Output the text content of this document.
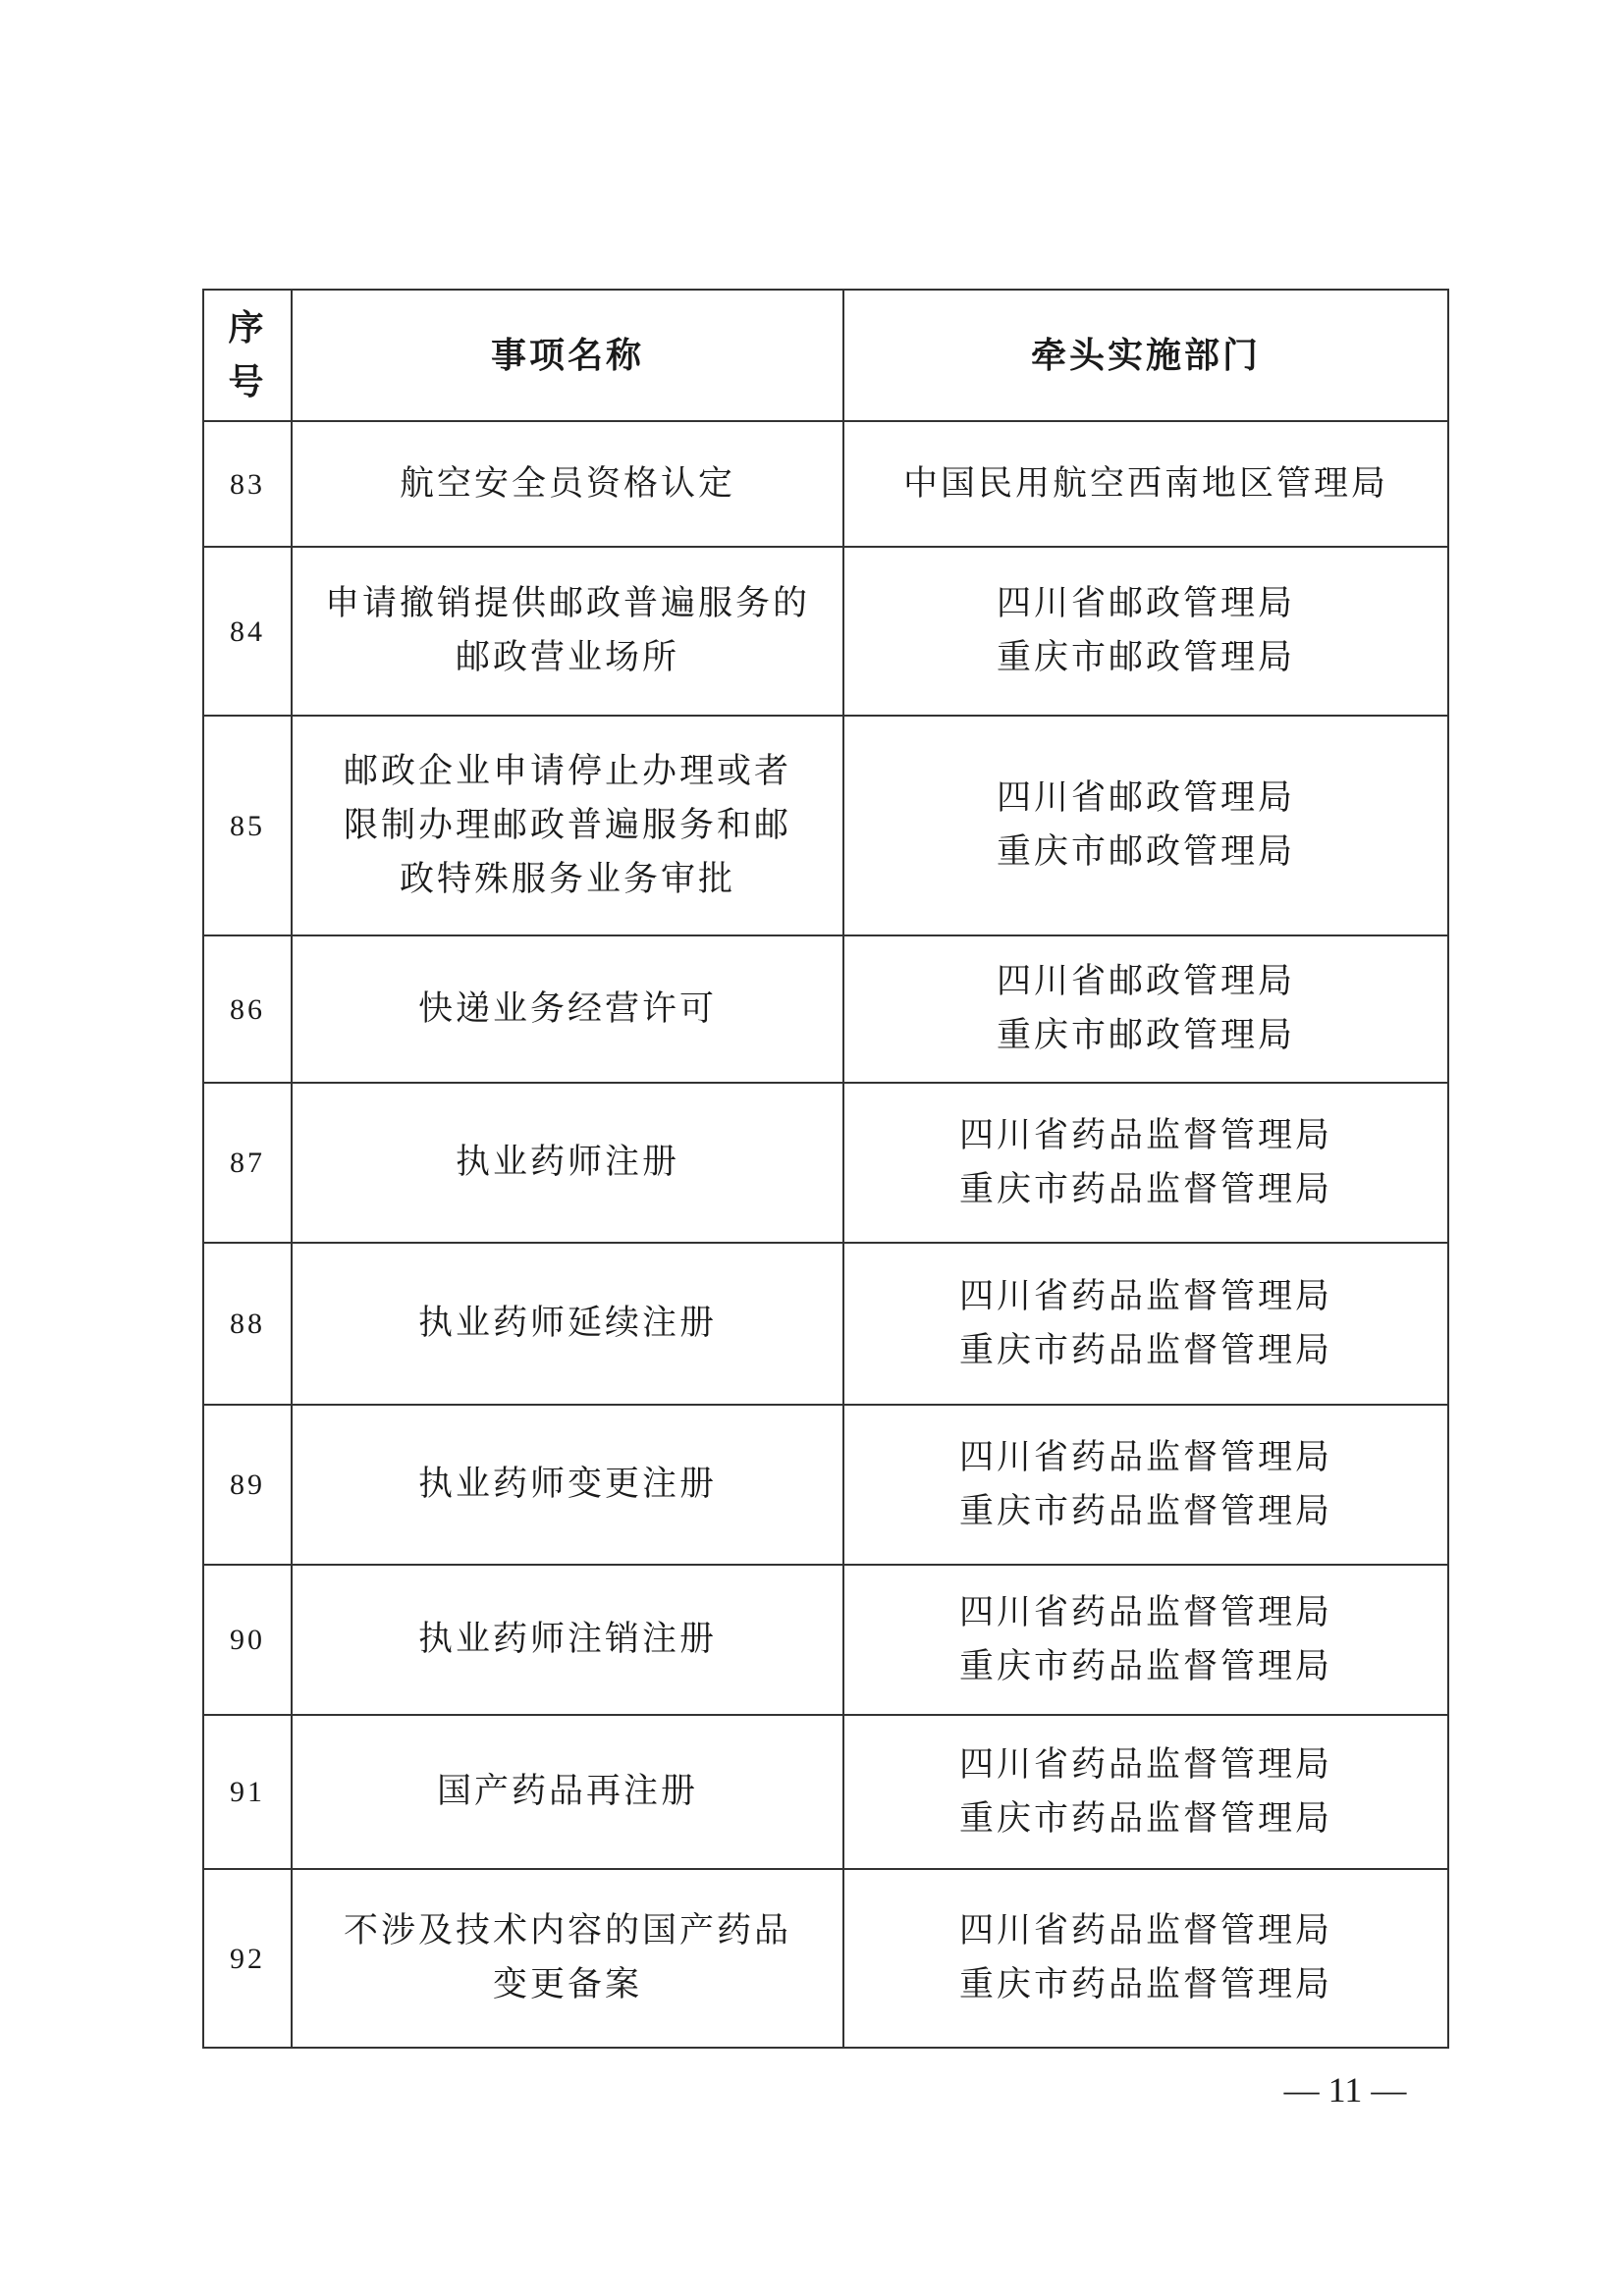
序
号	事项名称	牵头实施部门
83	航空安全员资格认定	中国民用航空西南地区管理局

84	申请撤销提供邮政普遍服务的
邮政营业场所	四川省邮政管理局
重庆市邮政管理局

85	邮政企业申请停止办理或者
限制办理邮政普遍服务和邮
政特殊服务业务审批	四川省邮政管理局
重庆市邮政管理局

86	快递业务经营许可	四川省邮政管理局
重庆市邮政管理局

87	执业药师注册	四川省药品监督管理局
重庆市药品监督管理局

88	执业药师延续注册	四川省药品监督管理局
重庆市药品监督管理局

89	执业药师变更注册	四川省药品监督管理局
重庆市药品监督管理局

90	执业药师注销注册	四川省药品监督管理局
重庆市药品监督管理局

91	国产药品再注册	四川省药品监督管理局
重庆市药品监督管理局

92	不涉及技术内容的国产药品
变更备案	四川省药品监督管理局
重庆市药品监督管理局
— 11 —
